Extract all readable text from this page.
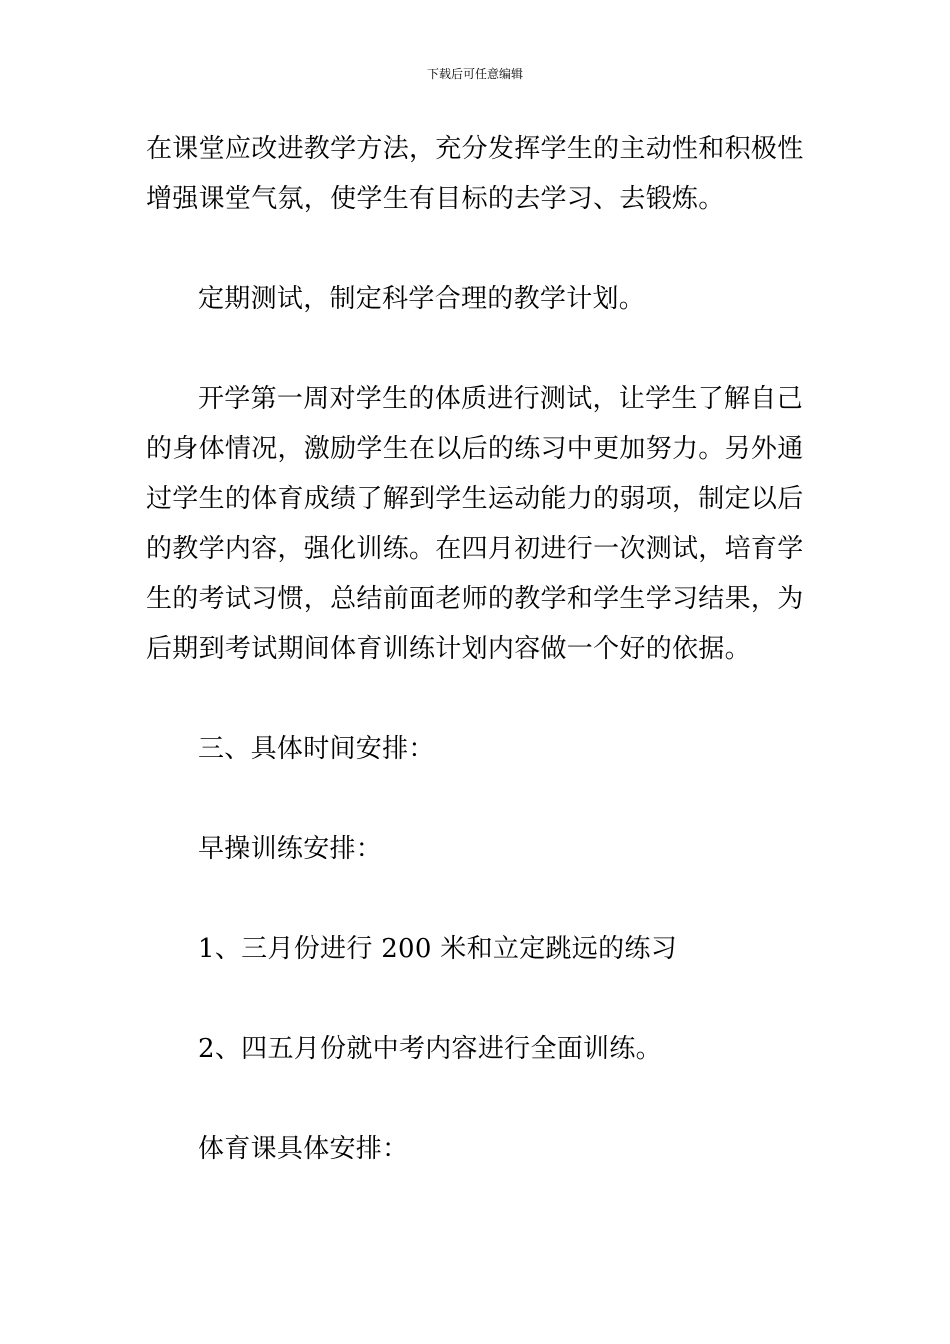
下载后可任意编辑
在课堂应改进教学方法，充分发挥学生的主动性和积极性
增强课堂气氛，使学生有目标的去学习、去锻炼。
定期测试，制定科学合理的教学计划。
开学第一周对学生的体质进行测试，让学生了解自己
的身体情况，激励学生在以后的练习中更加努力。另外通
过学生的体育成绩了解到学生运动能力的弱项，制定以后
的教学内容，强化训练。在四月初进行一次测试，培育学
生的考试习惯，总结前面老师的教学和学生学习结果，为
后期到考试期间体育训练计划内容做一个好的依据。
三、具体时间安排：
早操训练安排：
1、三月份进行 200 米和立定跳远的练习
2、四五月份就中考内容进行全面训练。
体育课具体安排：
